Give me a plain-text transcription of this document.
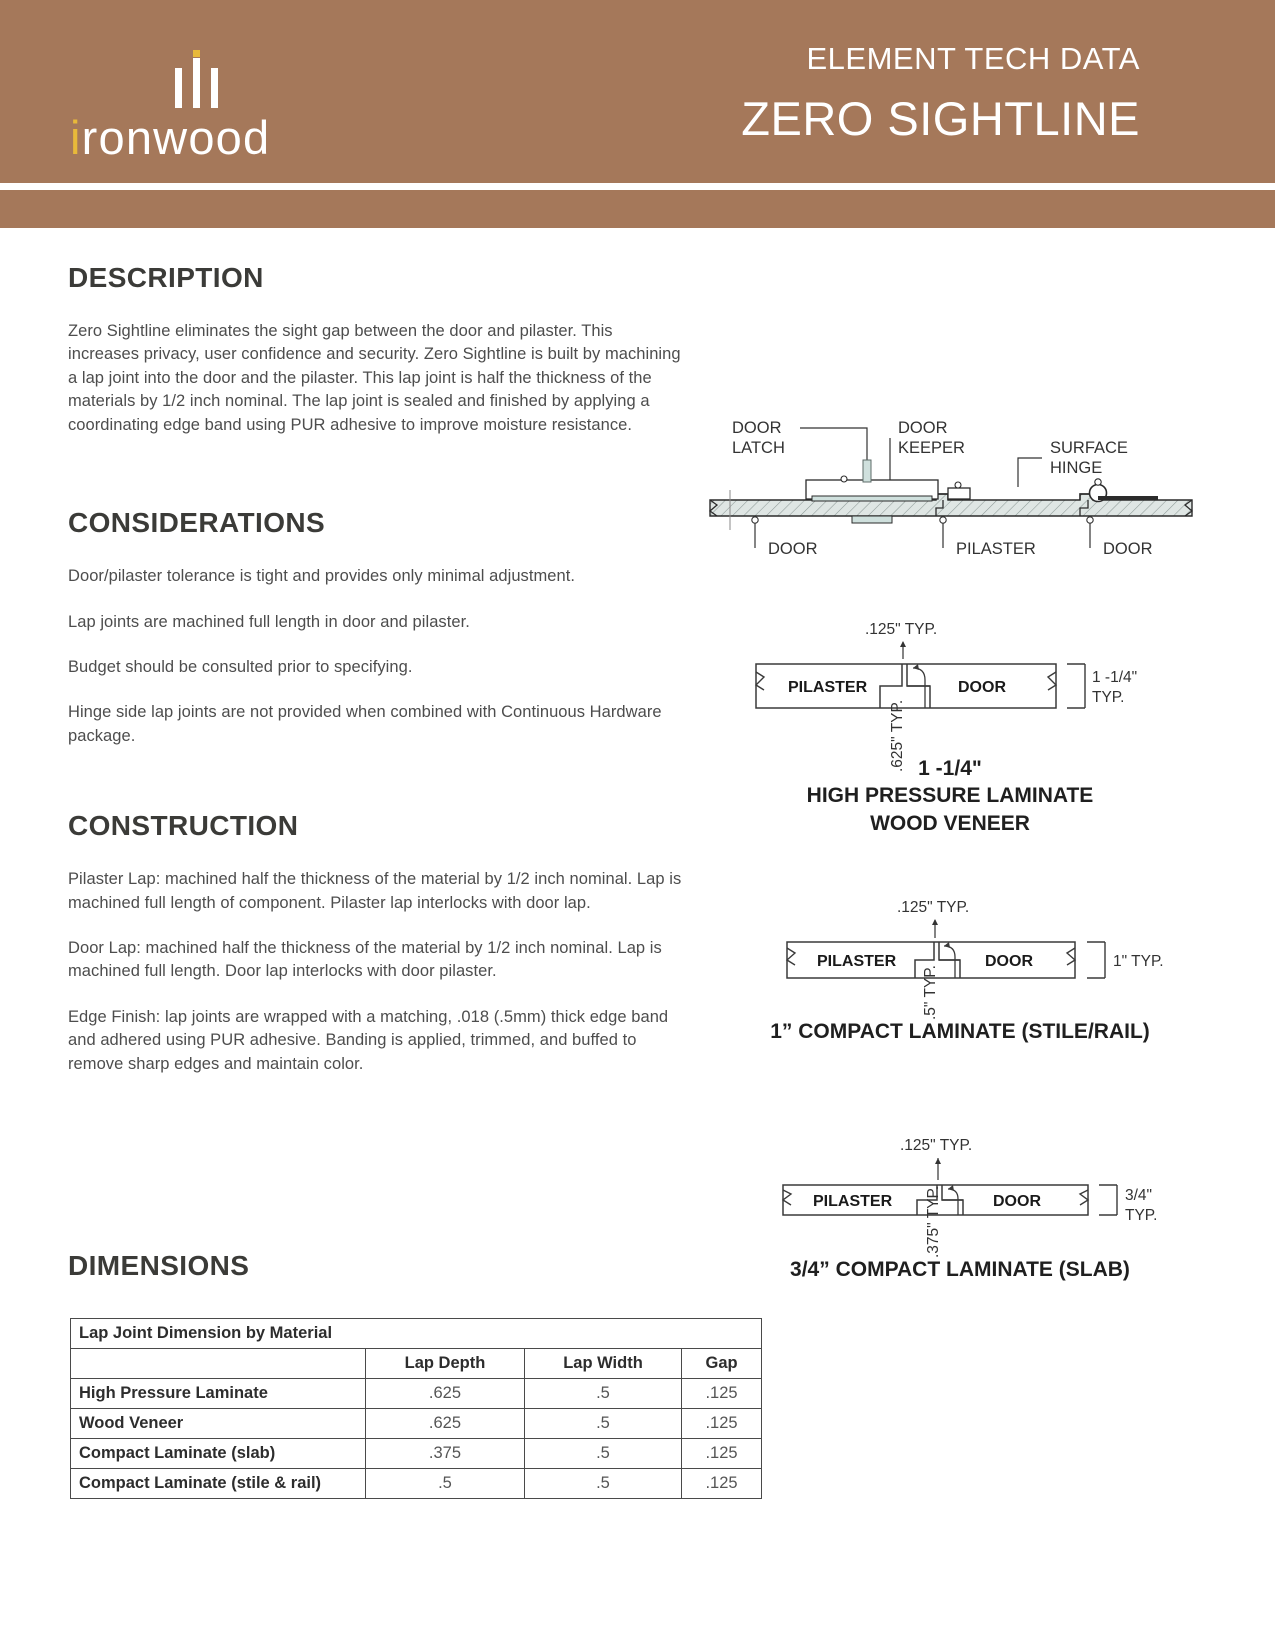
ironwood
ELEMENT TECH DATA
ZERO SIGHTLINE
DESCRIPTION

Zero Sightline eliminates the sight gap between the door and pilaster. This increases privacy, user confidence and security. Zero Sightline is built by machining a lap joint into the door and the pilaster. This lap joint is half the thickness of the materials by 1/2 inch nominal. The lap joint is sealed and finished by applying a coordinating edge band using PUR adhesive to improve moisture resistance.

CONSIDERATIONS

Door/pilaster tolerance is tight and provides only minimal adjustment.

Lap joints are machined full length in door and pilaster.

Budget should be consulted prior to specifying.

Hinge side lap joints are not provided when combined with Continuous Hardware package.

CONSTRUCTION

Pilaster Lap: machined half the thickness of the material by 1/2 inch nominal. Lap is machined full length of component. Pilaster lap interlocks with door lap.

Door Lap: machined half the thickness of the material by 1/2 inch nominal. Lap is machined full length. Door lap interlocks with door pilaster.

Edge Finish: lap joints are wrapped with a matching, .018 (.5mm) thick edge band and adhered using PUR adhesive. Banding is applied, trimmed, and buffed to remove sharp edges and maintain color.

DIMENSIONS
Lap Joint Dimension by Material			
	Lap Depth	Lap Width	Gap
High Pressure Laminate	.625	.5	.125
Wood Veneer	.625	.5	.125
Compact Laminate (slab)	.375	.5	.125
Compact Laminate (stile & rail)	.5	.5	.125
DOOR
LATCH
DOOR
KEEPER	SURFACE
HINGE
DOOR	PILASTER	DOOR
.125" TYP.
PILASTER	DOOR
1 -1/4"
TYP.
.625" TYP. 1 -1/4"
HIGH PRESSURE LAMINATE
WOOD VENEER
.125" TYP.
PILASTER	DOOR	1" TYP.
.5" TYP.
1” COMPACT LAMINATE (STILE/RAIL)
.125" TYP.
PILASTER	DOOR	3/4"
TYP.
.375" TYP.
3/4” COMPACT LAMINATE (SLAB)
